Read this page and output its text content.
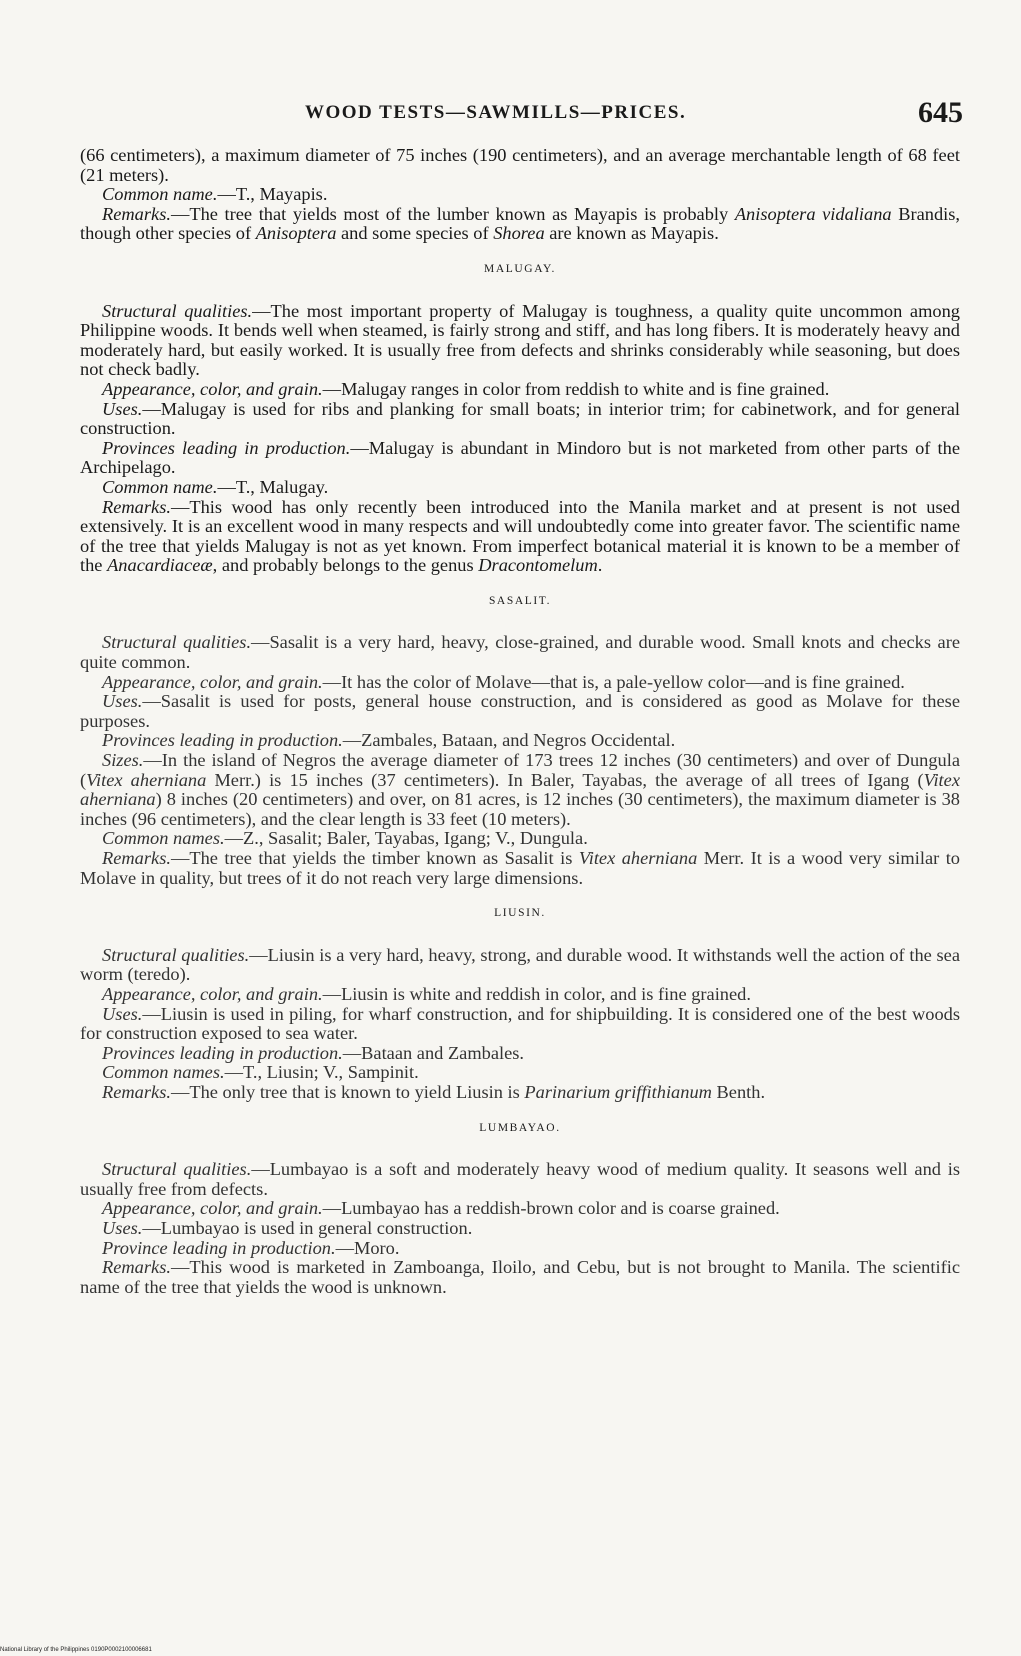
WOOD TESTS—SAWMILLS—PRICES.	645

(66 centimeters), a maximum diameter of 75 inches (190 centimeters), and an average merchantable length of 68 feet (21 meters).

Common name.—T., Mayapis.

Remarks.—The tree that yields most of the lumber known as Mayapis is probably Anisoptera vidaliana Brandis, though other species of Anisoptera and some species of Shorea are known as Mayapis.

MALUGAY.

Structural qualities.—The most important property of Malugay is toughness, a quality quite uncommon among Philippine woods. It bends well when steamed, is fairly strong and stiff, and has long fibers. It is moderately heavy and moderately hard, but easily worked. It is usually free from defects and shrinks considerably while seasoning, but does not check badly.

Appearance, color, and grain.—Malugay ranges in color from reddish to white and is fine grained.

Uses.—Malugay is used for ribs and planking for small boats; in interior trim; for cabinetwork, and for general construction.

Provinces leading in production.—Malugay is abundant in Mindoro but is not marketed from other parts of the Archipelago.

Common name.—T., Malugay.

Remarks.—This wood has only recently been introduced into the Manila market and at present is not used extensively. It is an excellent wood in many respects and will undoubtedly come into greater favor. The scientific name of the tree that yields Malugay is not as yet known. From imperfect botanical material it is known to be a member of the Anacardiaceæ, and probably belongs to the genus Dracontomelum.

SASALIT.

Structural qualities.—Sasalit is a very hard, heavy, close-grained, and durable wood. Small knots and checks are quite common.

Appearance, color, and grain.—It has the color of Molave—that is, a pale-yellow color—and is fine grained.

Uses.—Sasalit is used for posts, general house construction, and is considered as good as Molave for these purposes.

Provinces leading in production.—Zambales, Bataan, and Negros Occidental.

Sizes.—In the island of Negros the average diameter of 173 trees 12 inches (30 centimeters) and over of Dungula (Vitex aherniana Merr.) is 15 inches (37 centimeters). In Baler, Tayabas, the average of all trees of Igang (Vitex aherniana) 8 inches (20 centimeters) and over, on 81 acres, is 12 inches (30 centimeters), the maximum diameter is 38 inches (96 centimeters), and the clear length is 33 feet (10 meters).

Common names.—Z., Sasalit; Baler, Tayabas, Igang; V., Dungula.

Remarks.—The tree that yields the timber known as Sasalit is Vitex aherniana Merr. It is a wood very similar to Molave in quality, but trees of it do not reach very large dimensions.

LIUSIN.

Structural qualities.—Liusin is a very hard, heavy, strong, and durable wood. It withstands well the action of the sea worm (teredo).

Appearance, color, and grain.—Liusin is white and reddish in color, and is fine grained.

Uses.—Liusin is used in piling, for wharf construction, and for shipbuilding. It is considered one of the best woods for construction exposed to sea water.

Provinces leading in production.—Bataan and Zambales.

Common names.—T., Liusin; V., Sampinit.

Remarks.—The only tree that is known to yield Liusin is Parinarium griffithianum Benth.

LUMBAYAO.

Structural qualities.—Lumbayao is a soft and moderately heavy wood of medium quality. It seasons well and is usually free from defects.

Appearance, color, and grain.—Lumbayao has a reddish-brown color and is coarse grained.

Uses.—Lumbayao is used in general construction.

Province leading in production.—Moro.

Remarks.—This wood is marketed in Zamboanga, Iloilo, and Cebu, but is not brought to Manila. The scientific name of the tree that yields the wood is unknown.

National Library of the Philippines 0190P0002100006681
